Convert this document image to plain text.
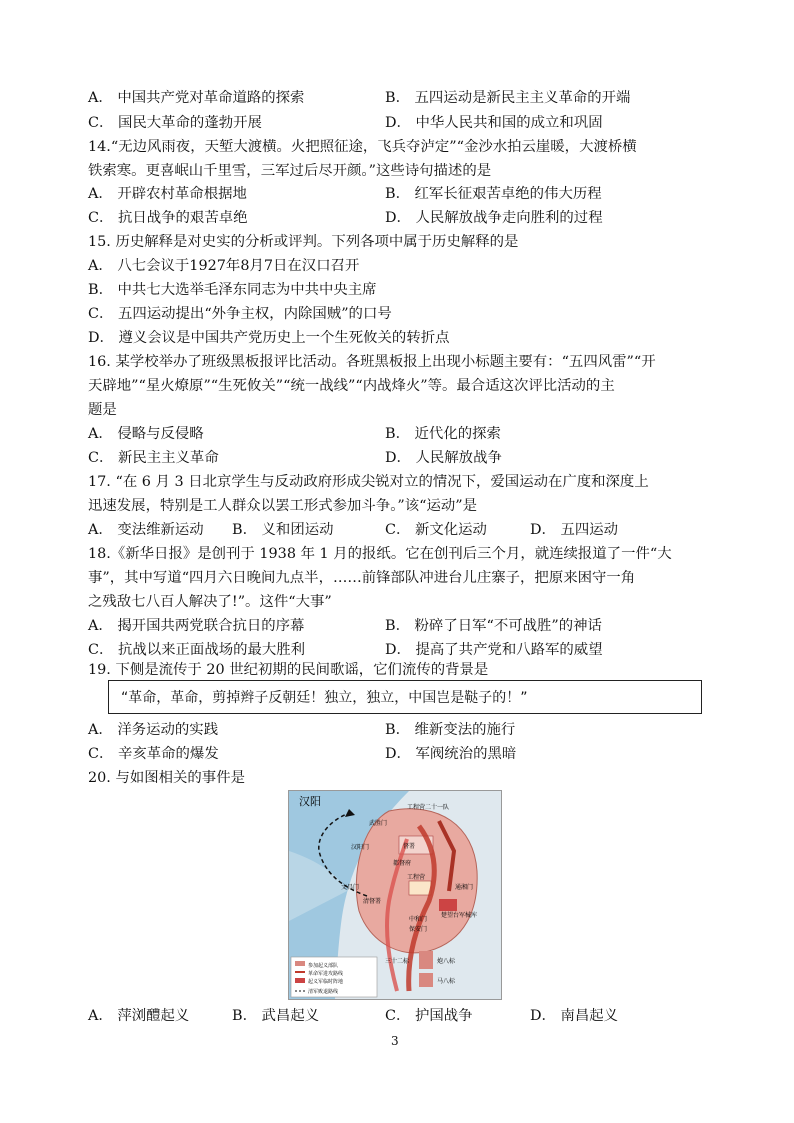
A． 中国共产党对革命道路的探索	B． 五四运动是新民主主义革命的开端
C． 国民大革命的蓬勃开展	D． 中华人民共和国的成立和巩固
14.“无边风雨夜，天堑大渡横。火把照征途，飞兵夺泸定”“金沙水拍云崖暖，大渡桥横
铁索寒。更喜岷山千里雪，三军过后尽开颜。”这些诗句描述的是
A． 开辟农村革命根据地	B． 红军长征艰苦卓绝的伟大历程
C． 抗日战争的艰苦卓绝	D． 人民解放战争走向胜利的过程
15. 历史解释是对史实的分析或评判。下列各项中属于历史解释的是
A． 八七会议于1927年8月7日在汉口召开
B． 中共七大选举毛泽东同志为中共中央主席
C． 五四运动提出“外争主权，内除国贼”的口号
D． 遵义会议是中国共产党历史上一个生死攸关的转折点
16. 某学校举办了班级黑板报评比活动。各班黑板报上出现小标题主要有：“五四风雷”“开
天辟地”“星火燎原”“生死攸关”“统一战线”“内战烽火”等。最合适这次评比活动的主
题是
A． 侵略与反侵略	B． 近代化的探索
C． 新民主主义革命	D． 人民解放战争
17. “在 6 月 3 日北京学生与反动政府形成尖锐对立的情况下，爱国运动在广度和深度上
迅速发展，特别是工人群众以罢工形式参加斗争。”该“运动”是
A． 变法维新运动 B． 义和团运动	C． 新文化运动	D． 五四运动
18.《新华日报》是创刊于 1938 年 1 月的报纸。它在创刊后三个月，就连续报道了一件“大
事”，其中写道“四月六日晚间九点半，……前锋部队冲进台儿庄寨子，把原来困守一角
之残敌七八百人解决了!”。这件“大事”
A． 揭开国共两党联合抗日的序幕	B． 粉碎了日军“不可战胜”的神话
C． 抗战以来正面战场的最大胜利	D． 提高了共产党和八路军的威望
19. 下侧是流传于 20 世纪初期的民间歌谣，它们流传的背景是
“革命，革命，剪掉辫子反朝廷！独立，独立，中国岂是鞑子的！”
A． 洋务运动的实践	B． 维新变法的施行
C． 辛亥革命的爆发	D． 军阀统治的黑暗
20. 与如图相关的事件是
汉阳	工程营二十一队
武胜门
汉阳门	督署
文昌门
都督府
清督署
工程营
通湘门
楚望台军械库
中和门
保安门
三十二标	炮八标
马八标
参加起义部队
革命军进攻路线
起义军临时阵地
清军败退路线
A． 萍浏醴起义	B． 武昌起义	C． 护国战争	D． 南昌起义
3
